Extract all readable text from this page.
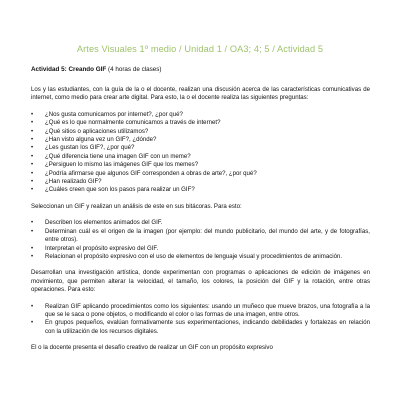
Artes Visuales 1º medio / Unidad 1 / OA3; 4; 5 / Actividad 5
Actividad 5: Creando GIF (4 horas de clases)

Los y las estudiantes, con la guía de la o el docente, realizan una discusión acerca de las características comunicativas de internet, como medio para crear arte digital. Para esto, la o el docente realiza las siguientes preguntas:

• ¿Nos gusta comunicarnos por internet?, ¿por qué?
• ¿Qué es lo que normalmente comunicamos a través de internet?
• ¿Qué sitios o aplicaciones utilizamos?
• ¿Han visto alguna vez un GIF?, ¿dónde?
• ¿Les gustan los GIF?, ¿por qué?
• ¿Qué diferencia tiene una imagen GIF con un meme?
• ¿Persiguen lo mismo las imágenes GIF que los memes?
• ¿Podría afirmarse que algunos GIF corresponden a obras de arte?, ¿por qué?
• ¿Han realizado GIF?
• ¿Cuáles creen que son los pasos para realizar un GIF?

Seleccionan un GIF y realizan un análisis de este en sus bitácoras. Para esto:

• Describen los elementos animados del GIF.
• Determinan cuál es el origen de la imagen (por ejemplo: del mundo publicitario, del mundo del arte, y de fotografías, entre otros).
• Interpretan el propósito expresivo del GIF.
• Relacionan el propósito expresivo con el uso de elementos de lenguaje visual y procedimientos de animación.

Desarrollan una investigación artística, donde experimentan con programas o aplicaciones de edición de imágenes en movimiento, que permiten alterar la velocidad, el tamaño, los colores, la posición del GIF y la rotación, entre otras operaciones. Para esto:

• Realizan GIF aplicando procedimientos como los siguientes: usando un muñeco que mueve brazos, una fotografía a la que se le saca o pone objetos, o modificando el color o las formas de una imagen, entre otros.
• En grupos pequeños, evalúan formativamente sus experimentaciones, indicando debilidades y fortalezas en relación con la utilización de los recursos digitales.

El o la docente presenta el desafío creativo de realizar un GIF con un propósito expresivo
